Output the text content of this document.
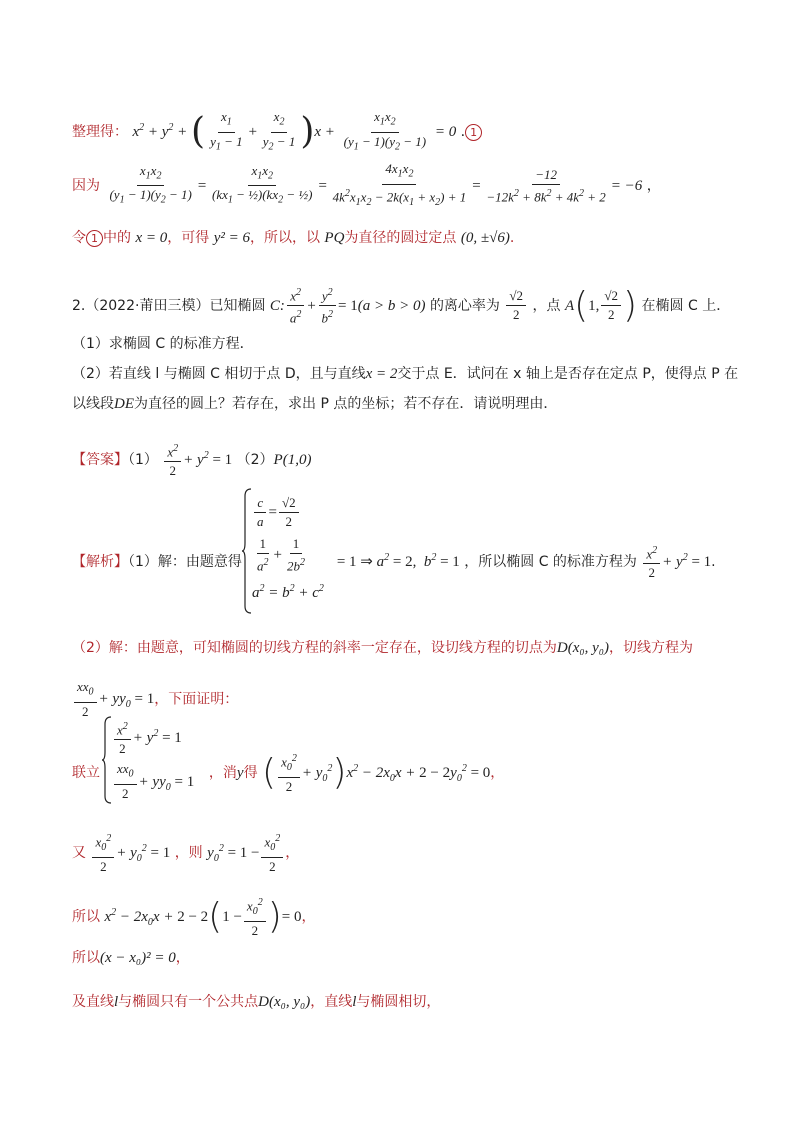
整理得： $x^2 + y^2$ + ( $\frac{x_1}{y_1 - 1} + \frac{x_2}{y_2 - 1} )x + \frac{x_1x_2}{(y_1 - 1)(y_2 - 1)} = 0$ . 1
因为 $\frac{x_1x_2}{(y_1 - 1)(y_2 - 1)} = \frac{x_1x_2}{(kx_1 - \frac{1}{2})(kx_2 - \frac{1}{2})} = \frac{4x_1x_2}{4k^2x_1x_2 - 2k(x_1 + x_2) + 1} = \frac{-12}{-12k^2 + 8k^2 + 4k^2 + 2} = -6$ ，
令 1 中的 x = 0，可得 y² = 6，所以，以 PQ为直径的圆过定点 (0, ±√6).
2.（2022·莆田三模）已知椭圆 C: $\frac{x^2}{a^2} + \frac{y^2}{b^2} = 1(a > b > 0)$ 的离心率为 $\frac{√2}{2}$ ，点 A(1, $\frac{√2}{2}$ ) 在椭圆 C 上．
（1）求椭圆 C 的标准方程．
（2）若直线 l 与椭圆 C 相切于点 D，且与直线x = 2交于点 E．试问在 x 轴上是否存在定点 P，使得点 P 在
以线段DE为直径的圆上？若存在，求出 P 点的坐标；若不存在．请说明理由．
【答案】$(1) \frac{x^2}{2} + y^2 = 1$ （2）P(1,0)
$\frac{c}{a} = \frac{√2}{2}$
$\frac{1}{a^2} + \frac{1}{2b^2}$
$a^2 = b^2 + c^2$
【解析】（1）解：由题意得	= 1 ⇒ $a^2 = 2$,  $b^2 = 1$ ，所以椭圆 C 的标准方程为 $\frac{x^2}{2} + y^2 = 1$.
（2）解：由题意，可知椭圆的切线方程的斜率一定存在，设切线方程的切点为D(x₀, y₀)，切线方程为
$\frac{xx_0}{2} + yy_0 = 1$，下面证明：
$\frac{x^2}{2} + y^2 = 1$
$\frac{xx_0}{2} + yy_0 = 1$
联立	，消y得 ( $\frac{x_0^2}{2} + y_0^2)x^2 - 2x_0x + 2 - 2y_0^2 = 0$，
又 $\frac{x_0^2}{2} + y_0^2 = 1$ ，则 $y_0^2 = 1 - \frac{x_0^2}{2}$ ，
所以 $x^2 - 2x_0x + 2 - 2(1 - \frac{x_0^2}{2}$ )= 0，
所以(x − x₀)² = 0，
及直线l与椭圆只有一个公共点D(x₀, y₀)，直线l与椭圆相切，
